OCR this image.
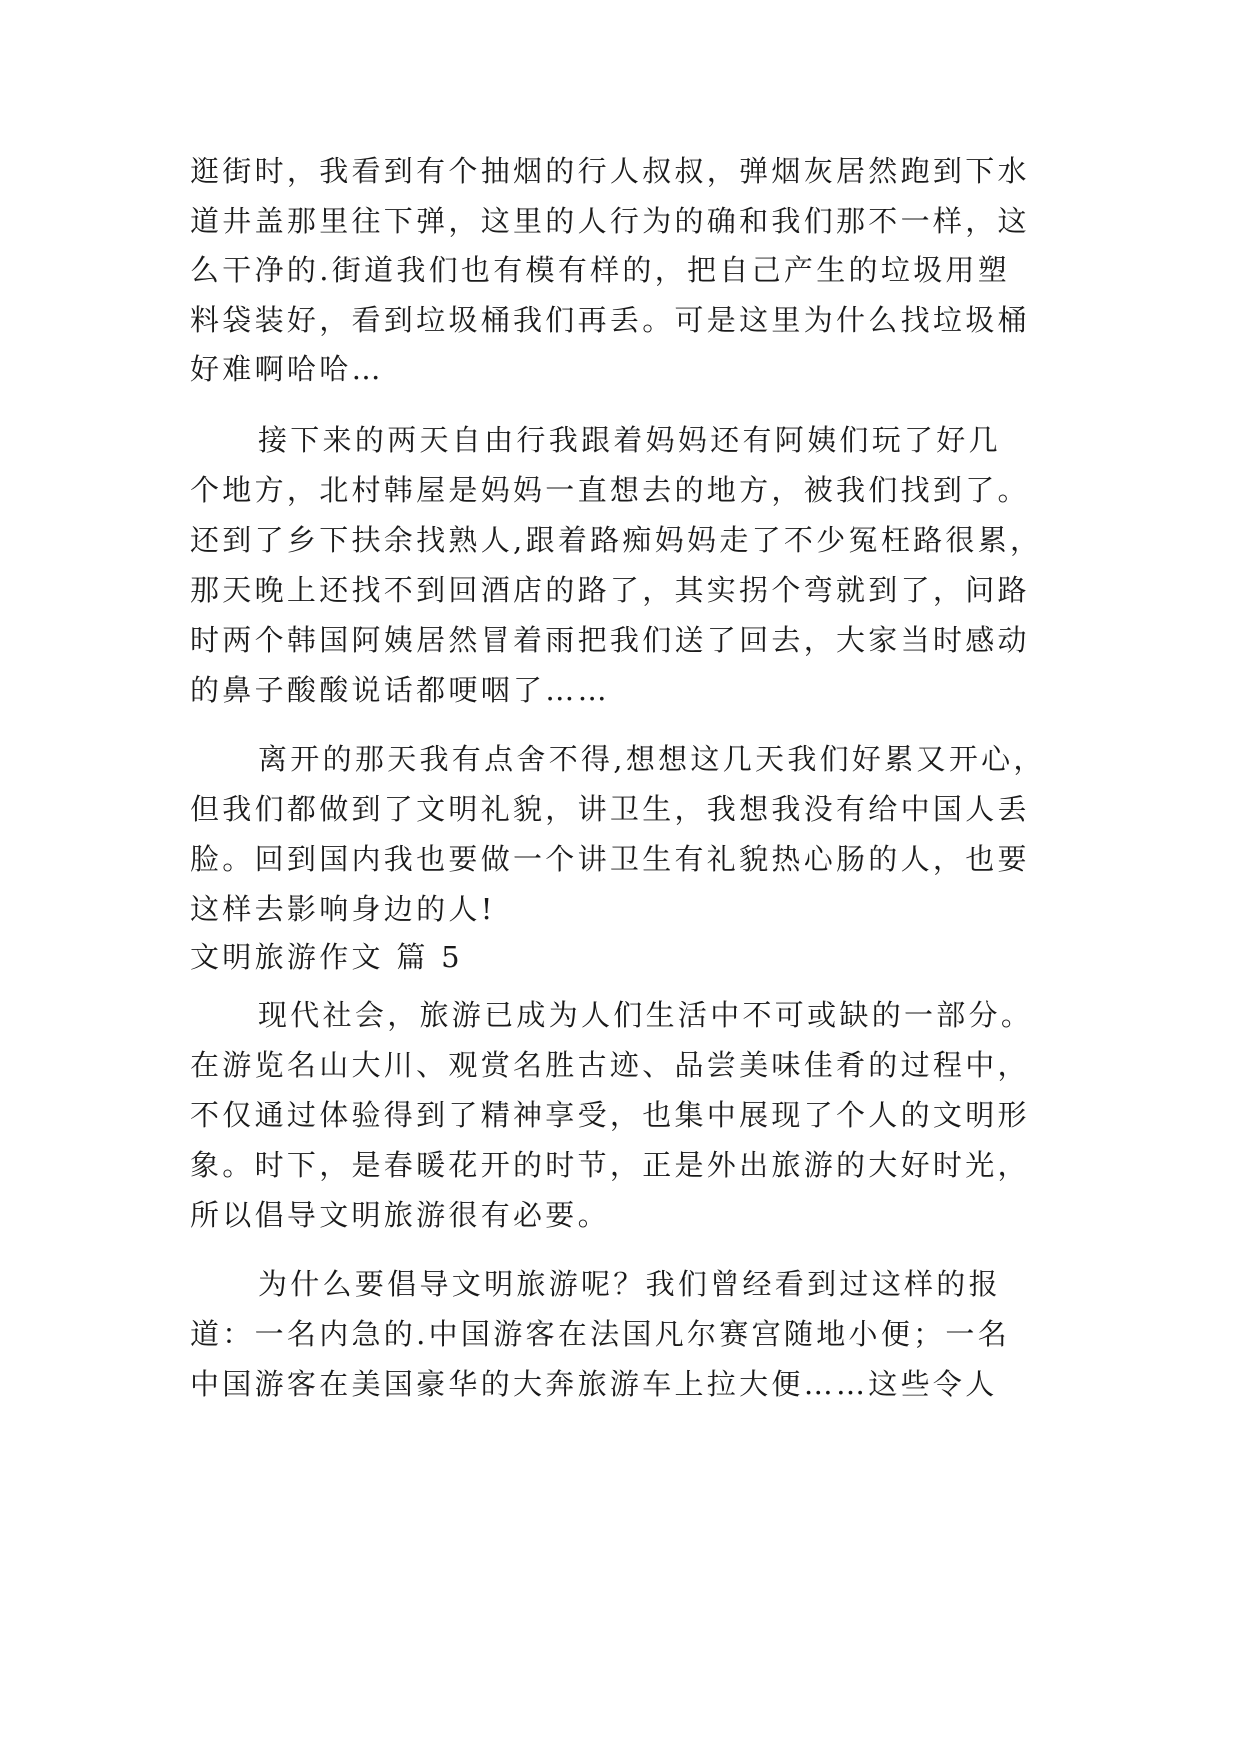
逛街时，我看到有个抽烟的行人叔叔，弹烟灰居然跑到下水
道井盖那里往下弹，这里的人行为的确和我们那不一样，这
么干净的.街道我们也有模有样的，把自己产生的垃圾用塑
料袋装好，看到垃圾桶我们再丢。可是这里为什么找垃圾桶
好难啊哈哈…
接下来的两天自由行我跟着妈妈还有阿姨们玩了好几
个地方，北村韩屋是妈妈一直想去的地方，被我们找到了。
还到了乡下扶余找熟人,跟着路痴妈妈走了不少冤枉路很累，
那天晚上还找不到回酒店的路了，其实拐个弯就到了，问路
时两个韩国阿姨居然冒着雨把我们送了回去，大家当时感动
的鼻子酸酸说话都哽咽了……
离开的那天我有点舍不得,想想这几天我们好累又开心，
但我们都做到了文明礼貌，讲卫生，我想我没有给中国人丢
脸。回到国内我也要做一个讲卫生有礼貌热心肠的人，也要
这样去影响身边的人!
文明旅游作文 篇 5
现代社会，旅游已成为人们生活中不可或缺的一部分。
在游览名山大川、观赏名胜古迹、品尝美味佳肴的过程中，
不仅通过体验得到了精神享受，也集中展现了个人的文明形
象。时下，是春暖花开的时节，正是外出旅游的大好时光，
所以倡导文明旅游很有必要。
为什么要倡导文明旅游呢？我们曾经看到过这样的报
道：一名内急的.中国游客在法国凡尔赛宫随地小便；一名
中国游客在美国豪华的大奔旅游车上拉大便……这些令人
